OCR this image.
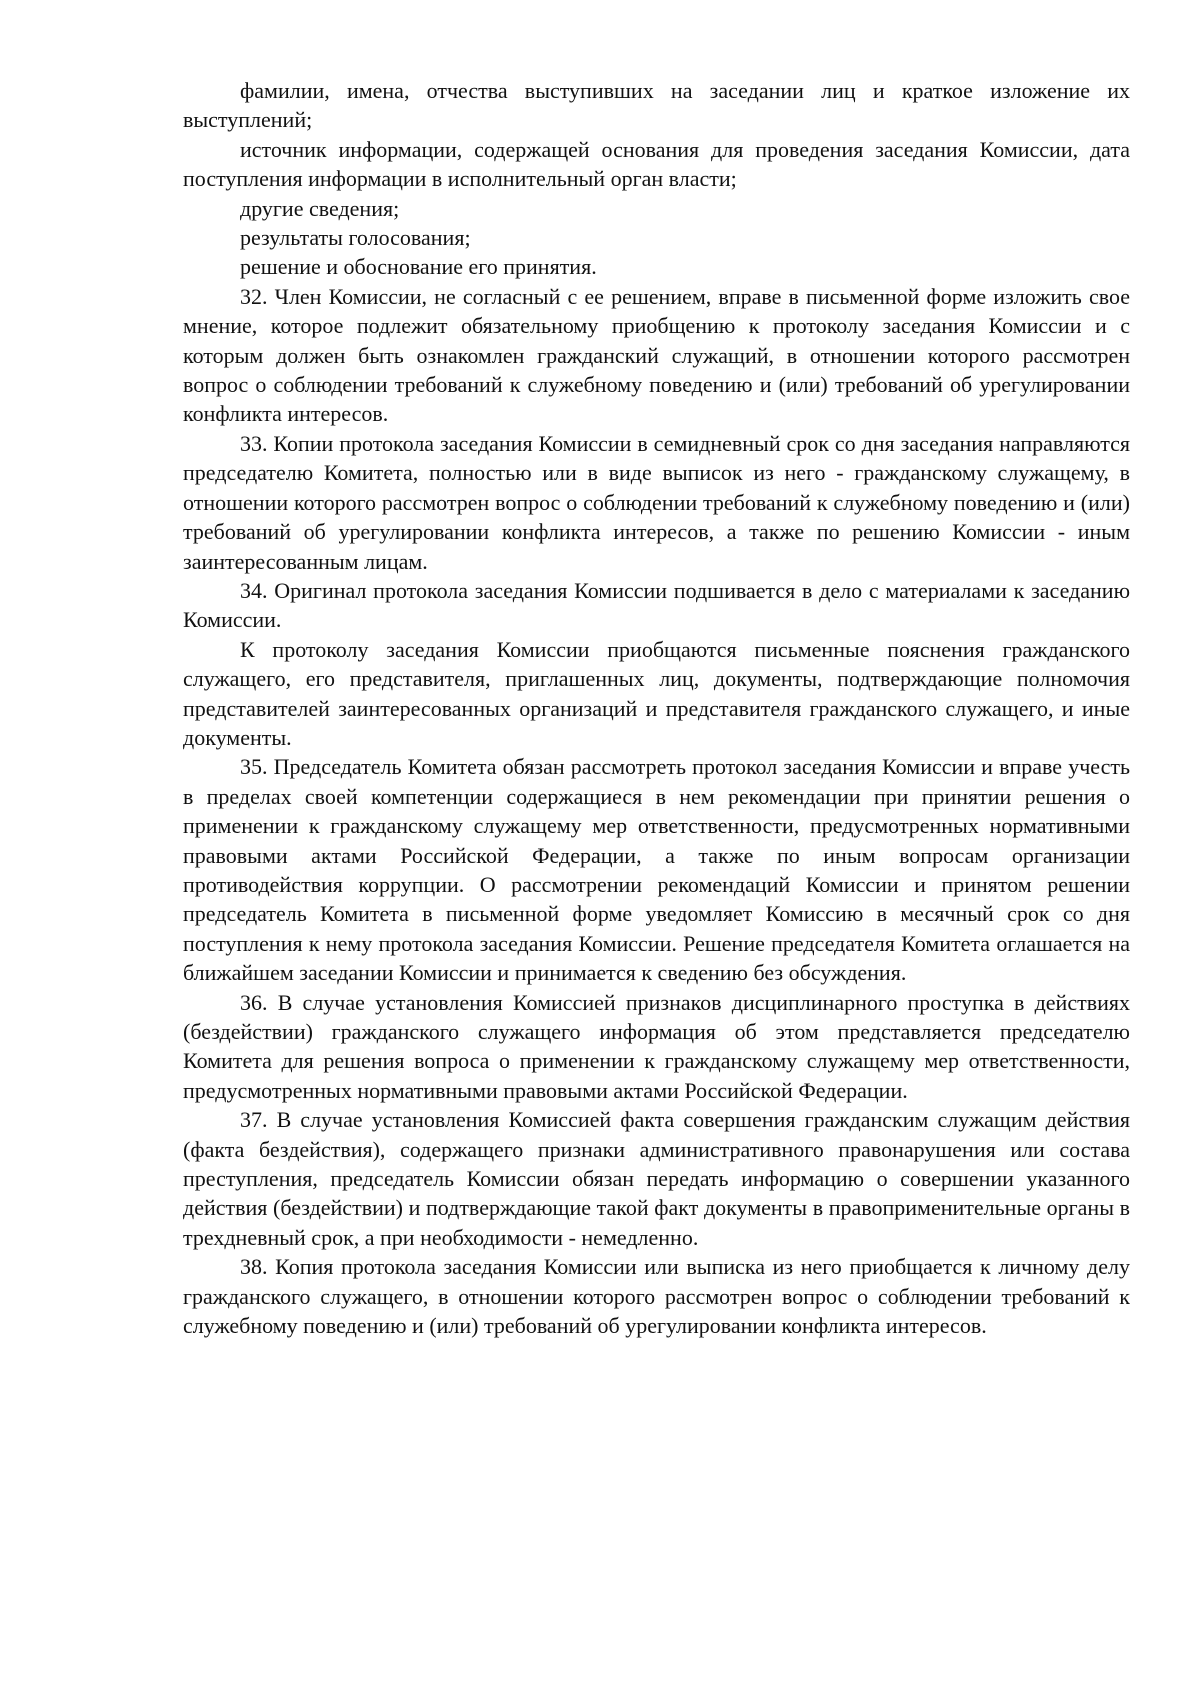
фамилии, имена, отчества выступивших на заседании лиц и краткое изложение их выступлений;

источник информации, содержащей основания для проведения заседания Комиссии, дата поступления информации в исполнительный орган власти;

другие сведения;

результаты голосования;

решение и обоснование его принятия.

32. Член Комиссии, не согласный с ее решением, вправе в письменной форме изложить свое мнение, которое подлежит обязательному приобщению к протоколу заседания Комиссии и с которым должен быть ознакомлен гражданский служащий, в отношении которого рассмотрен вопрос о соблюдении требований к служебному поведению и (или) требований об урегулировании конфликта интересов.

33. Копии протокола заседания Комиссии в семидневный срок со дня заседания направляются председателю Комитета, полностью или в виде выписок из него - гражданскому служащему, в отношении которого рассмотрен вопрос о соблюдении требований к служебному поведению и (или) требований об урегулировании конфликта интересов, а также по решению Комиссии - иным заинтересованным лицам.

34. Оригинал протокола заседания Комиссии подшивается в дело с материалами к заседанию Комиссии.

К протоколу заседания Комиссии приобщаются письменные пояснения гражданского служащего, его представителя, приглашенных лиц, документы, подтверждающие полномочия представителей заинтересованных организаций и представителя гражданского служащего, и иные документы.

35. Председатель Комитета обязан рассмотреть протокол заседания Комиссии и вправе учесть в пределах своей компетенции содержащиеся в нем рекомендации при принятии решения о применении к гражданскому служащему мер ответственности, предусмотренных нормативными правовыми актами Российской Федерации, а также по иным вопросам организации противодействия коррупции. О рассмотрении рекомендаций Комиссии и принятом решении председатель Комитета в письменной форме уведомляет Комиссию в месячный срок со дня поступления к нему протокола заседания Комиссии. Решение председателя Комитета оглашается на ближайшем заседании Комиссии и принимается к сведению без обсуждения.

36. В случае установления Комиссией признаков дисциплинарного проступка в действиях (бездействии) гражданского служащего информация об этом представляется председателю Комитета для решения вопроса о применении к гражданскому служащему мер ответственности, предусмотренных нормативными правовыми актами Российской Федерации.

37. В случае установления Комиссией факта совершения гражданским служащим действия (факта бездействия), содержащего признаки административного правонарушения или состава преступления, председатель Комиссии обязан передать информацию о совершении указанного действия (бездействии) и подтверждающие такой факт документы в правоприменительные органы в трехдневный срок, а при необходимости - немедленно.

38. Копия протокола заседания Комиссии или выписка из него приобщается к личному делу гражданского служащего, в отношении которого рассмотрен вопрос о соблюдении требований к служебному поведению и (или) требований об урегулировании конфликта интересов.
